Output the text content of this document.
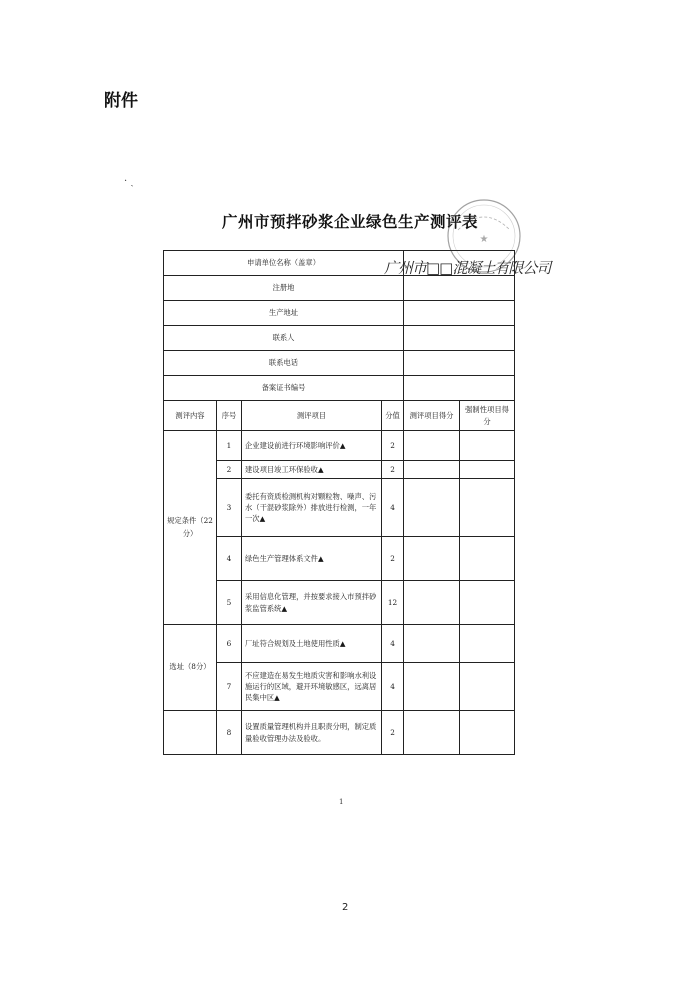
附件
· ˎ
广州市预拌砂浆企业绿色生产测评表
★
申请单位名称（盖章）					
注册地					
生产地址					
联系人					
联系电话					
备案证书编号					
测评内容	序号	测评项目	分值	测评项目得分	强制性项目得分
规定条件（22分）	1	企业建设前进行环境影响评价▲	2		
	2	建设项目竣工环保验收▲	2		
	3	委托有资质检测机构对颗粒物、噪声、污水（干混砂浆除外）排放进行检测，一年一次▲	4		
	4	绿色生产管理体系文件▲	2		
	5	采用信息化管理，并按要求接入市预拌砂浆监管系统▲	12		
选址（8分）	6	厂址符合规划及土地使用性质▲	4		
	7	不应建造在易发生地质灾害和影响水利设施运行的区域，避开环境敏感区，远离居民集中区▲	4		
	8	设置质量管理机构并且职责分明，制定质量验收管理办法及验收。	2		
广州市□□混凝土有限公司
1
2
